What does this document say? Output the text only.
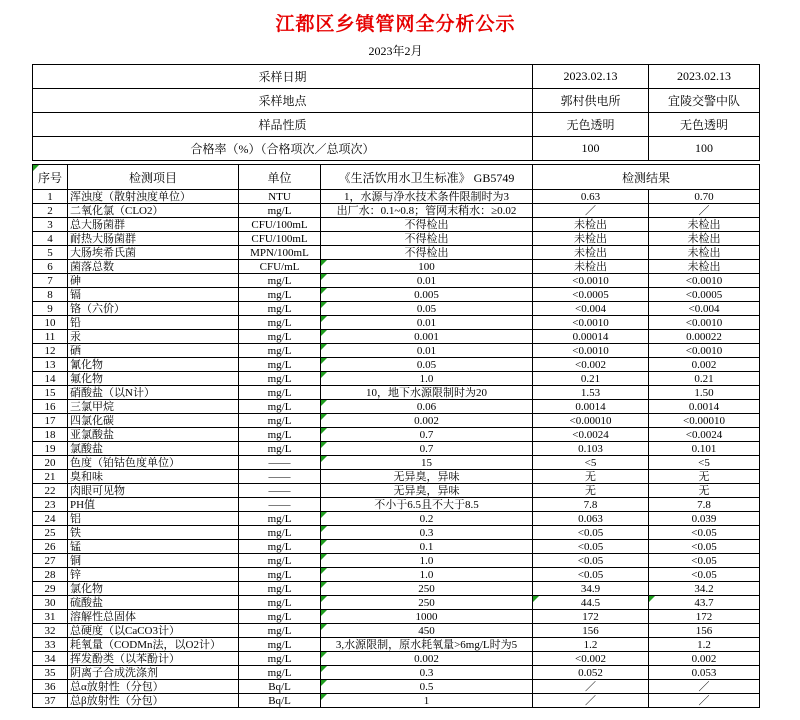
江都区乡镇管网全分析公示
2023年2月
采样日期	2023.02.13	2023.02.13
采样地点	郭村供电所	宜陵交警中队
样品性质	无色透明	无色透明
合格率（%）（合格项次／总项次）	100	100
序号	检测项目	单位	《生活饮用水卫生标准》 GB5749	检测结果	
1	浑浊度（散射浊度单位）	NTU	1，水源与净水技术条件限制时为3	0.63	0.70
2	二氧化氯（CLO2）	mg/L	出厂水：0.1~0.8；管网末稍水：≥0.02	／	／
3	总大肠菌群	CFU/100mL	不得检出	未检出	未检出
4	耐热大肠菌群	CFU/100mL	不得检出	未检出	未检出
5	大肠埃希氏菌	MPN/100mL	不得检出	未检出	未检出
6	菌落总数	CFU/mL	100	未检出	未检出
7	砷	mg/L	0.01	<0.0010	<0.0010
8	镉	mg/L	0.005	<0.0005	<0.0005
9	铬（六价）	mg/L	0.05	<0.004	<0.004
10	铅	mg/L	0.01	<0.0010	<0.0010
11	汞	mg/L	0.001	0.00014	0.00022
12	硒	mg/L	0.01	<0.0010	<0.0010
13	氰化物	mg/L	0.05	<0.002	0.002
14	氟化物	mg/L	1.0	0.21	0.21
15	硝酸盐（以N计）	mg/L	10，地下水源限制时为20	1.53	1.50
16	三氯甲烷	mg/L	0.06	0.0014	0.0014
17	四氯化碳	mg/L	0.002	<0.00010	<0.00010
18	亚氯酸盐	mg/L	0.7	<0.0024	<0.0024
19	氯酸盐	mg/L	0.7	0.103	0.101
20	色度（铂钴色度单位）	——	15	<5	<5
21	臭和味	——	无异臭，异味	无	无
22	肉眼可见物	——	无异臭，异味	无	无
23	PH值	——	不小于6.5且不大于8.5	7.8	7.8
24	铝	mg/L	0.2	0.063	0.039
25	铁	mg/L	0.3	<0.05	<0.05
26	锰	mg/L	0.1	<0.05	<0.05
27	铜	mg/L	1.0	<0.05	<0.05
28	锌	mg/L	1.0	<0.05	<0.05
29	氯化物	mg/L	250	34.9	34.2
30	硫酸盐	mg/L	250	44.5	43.7
31	溶解性总固体	mg/L	1000	172	172
32	总硬度（以CaCO3计）	mg/L	450	156	156
33	耗氧量（CODMn法，以O2计）	mg/L	3,水源限制，原水耗氧量>6mg/L时为5	1.2	1.2
34	挥发酚类（以苯酚计）	mg/L	0.002	<0.002	0.002
35	阴离子合成洗涤剂	mg/L	0.3	0.052	0.053
36	总α放射性（分包）	Bq/L	0.5	／	／
37	总β放射性（分包）	Bq/L	1	／	／
